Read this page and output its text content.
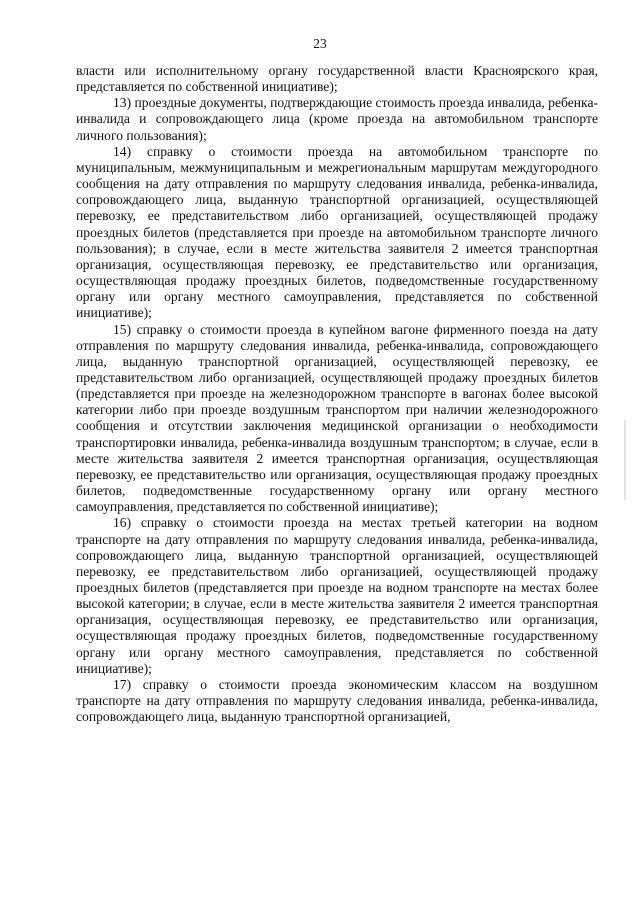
23

власти или исполнительному органу государственной власти Красноярского края, представляется по собственной инициативе);

13) проездные документы, подтверждающие стоимость проезда инвалида, ребенка-инвалида и сопровождающего лица (кроме проезда на автомобильном транспорте личного пользования);

14) справку о стоимости проезда на автомобильном транспорте по муниципальным, межмуниципальным и межрегиональным маршрутам междугородного сообщения на дату отправления по маршруту следования инвалида, ребенка-инвалида, сопровождающего лица, выданную транспортной организацией, осуществляющей перевозку, ее представительством либо организацией, осуществляющей продажу проездных билетов (представляется при проезде на автомобильном транспорте личного пользования); в случае, если в месте жительства заявителя 2 имеется транспортная организация, осуществляющая перевозку, ее представительство или организация, осуществляющая продажу проездных билетов, подведомственные государственному органу или органу местного самоуправления, представляется по собственной инициативе);

15) справку о стоимости проезда в купейном вагоне фирменного поезда на дату отправления по маршруту следования инвалида, ребенка-инвалида, сопровождающего лица, выданную транспортной организацией, осуществляющей перевозку, ее представительством либо организацией, осуществляющей продажу проездных билетов (представляется при проезде на железнодорожном транспорте в вагонах более высокой категории либо при проезде воздушным транспортом при наличии железнодорожного сообщения и отсутствии заключения медицинской организации о необходимости транспортировки инвалида, ребенка-инвалида воздушным транспортом; в случае, если в месте жительства заявителя 2 имеется транспортная организация, осуществляющая перевозку, ее представительство или организация, осуществляющая продажу проездных билетов, подведомственные государственному органу или органу местного самоуправления, представляется по собственной инициативе);

16) справку о стоимости проезда на местах третьей категории на водном транспорте на дату отправления по маршруту следования инвалида, ребенка-инвалида, сопровождающего лица, выданную транспортной организацией, осуществляющей перевозку, ее представительством либо организацией, осуществляющей продажу проездных билетов (представляется при проезде на водном транспорте на местах более высокой категории; в случае, если в месте жительства заявителя 2 имеется транспортная организация, осуществляющая перевозку, ее представительство или организация, осуществляющая продажу проездных билетов, подведомственные государственному органу или органу местного самоуправления, представляется по собственной инициативе);

17) справку о стоимости проезда экономическим классом на воздушном транспорте на дату отправления по маршруту следования инвалида, ребенка-инвалида, сопровождающего лица, выданную транспортной организацией,
